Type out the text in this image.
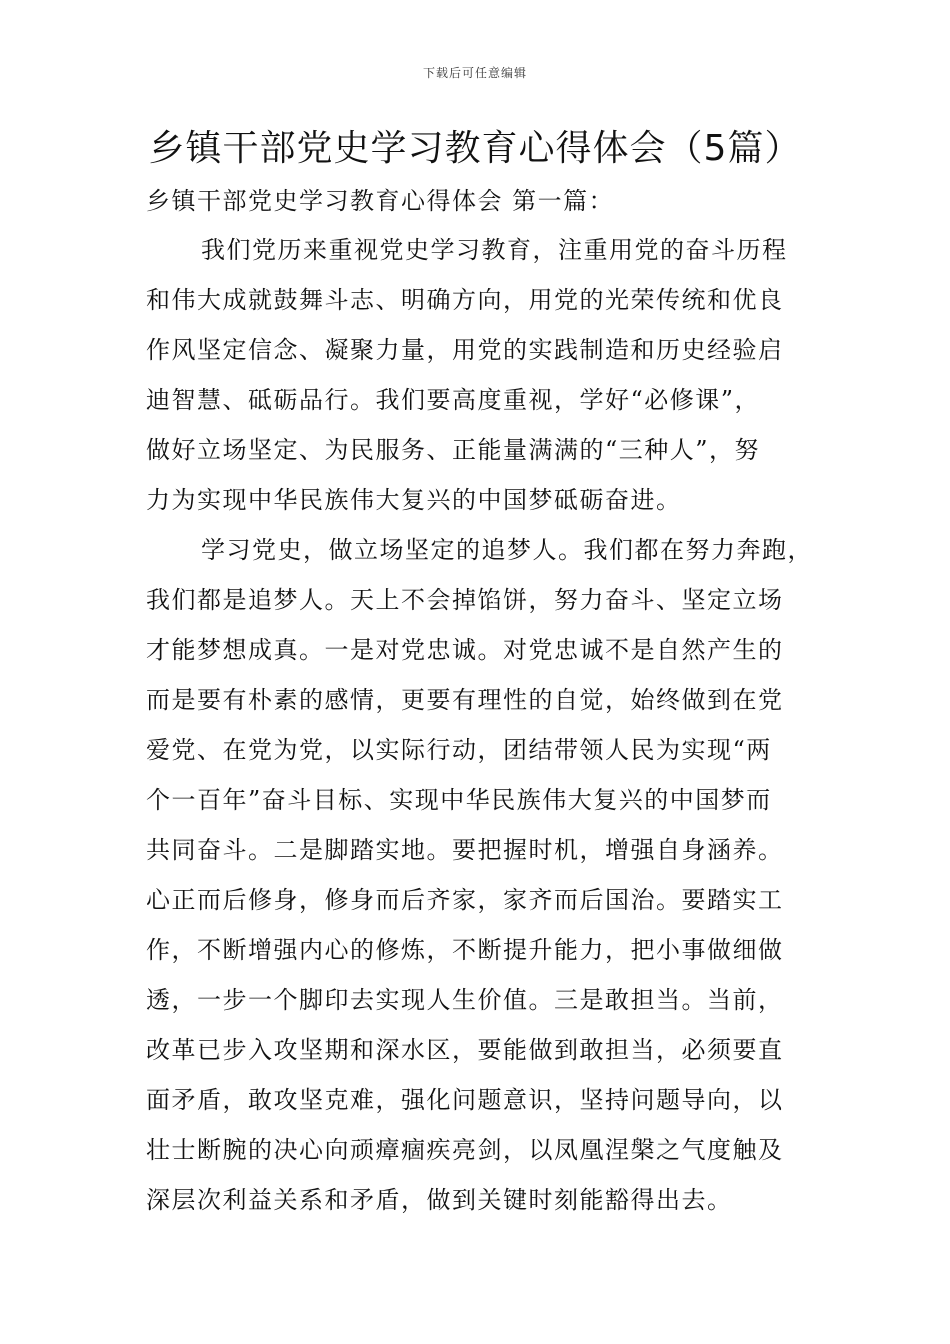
下载后可任意编辑
乡镇干部党史学习教育心得体会（5篇）
乡镇干部党史学习教育心得体会 第一篇：
我们党历来重视党史学习教育，注重用党的奋斗历程
和伟大成就鼓舞斗志、明确方向，用党的光荣传统和优良
作风坚定信念、凝聚力量，用党的实践制造和历史经验启
迪智慧、砥砺品行。我们要高度重视，学好“必修课”，
做好立场坚定、为民服务、正能量满满的“三种人”，努
力为实现中华民族伟大复兴的中国梦砥砺奋进。
学习党史，做立场坚定的追梦人。我们都在努力奔跑，
我们都是追梦人。天上不会掉馅饼，努力奋斗、坚定立场
才能梦想成真。一是对党忠诚。对党忠诚不是自然产生的
而是要有朴素的感情，更要有理性的自觉，始终做到在党
爱党、在党为党，以实际行动，团结带领人民为实现“两
个一百年”奋斗目标、实现中华民族伟大复兴的中国梦而
共同奋斗。二是脚踏实地。要把握时机，增强自身涵养。
心正而后修身，修身而后齐家，家齐而后国治。要踏实工
作，不断增强内心的修炼，不断提升能力，把小事做细做
透，一步一个脚印去实现人生价值。三是敢担当。当前，
改革已步入攻坚期和深水区，要能做到敢担当，必须要直
面矛盾，敢攻坚克难，强化问题意识，坚持问题导向，以
壮士断腕的决心向顽瘴痼疾亮剑，以凤凰涅槃之气度触及
深层次利益关系和矛盾，做到关键时刻能豁得出去。
